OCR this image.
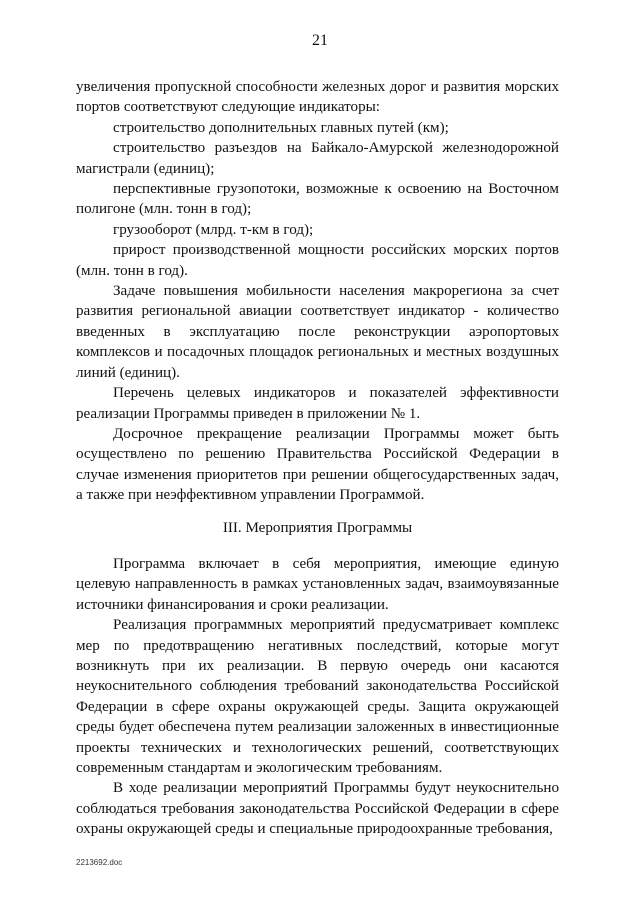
21

увеличения пропускной способности железных дорог и развития морских портов соответствуют следующие индикаторы:

строительство дополнительных главных путей (км);

строительство разъездов на Байкало-Амурской железнодорожной магистрали (единиц);

перспективные грузопотоки, возможные к освоению на Восточном полигоне (млн. тонн в год);

грузооборот (млрд. т-км в год);

прирост производственной мощности российских морских портов (млн. тонн в год).

Задаче повышения мобильности населения макрорегиона за счет развития региональной авиации соответствует индикатор - количество введенных в эксплуатацию после реконструкции аэропортовых комплексов и посадочных площадок региональных и местных воздушных линий (единиц).

Перечень целевых индикаторов и показателей эффективности реализации Программы приведен в приложении № 1.

Досрочное прекращение реализации Программы может быть осуществлено по решению Правительства Российской Федерации в случае изменения приоритетов при решении общегосударственных задач, а также при неэффективном управлении Программой.

III. Мероприятия Программы

Программа включает в себя мероприятия, имеющие единую целевую направленность в рамках установленных задач, взаимоувязанные источники финансирования и сроки реализации.

Реализация программных мероприятий предусматривает комплекс мер по предотвращению негативных последствий, которые могут возникнуть при их реализации. В первую очередь они касаются неукоснительного соблюдения требований законодательства Российской Федерации в сфере охраны окружающей среды. Защита окружающей среды будет обеспечена путем реализации заложенных в инвестиционные проекты технических и технологических решений, соответствующих современным стандартам и экологическим требованиям.

В ходе реализации мероприятий Программы будут неукоснительно соблюдаться требования законодательства Российской Федерации в сфере охраны окружающей среды и специальные природоохранные требования,

2213692.doc
